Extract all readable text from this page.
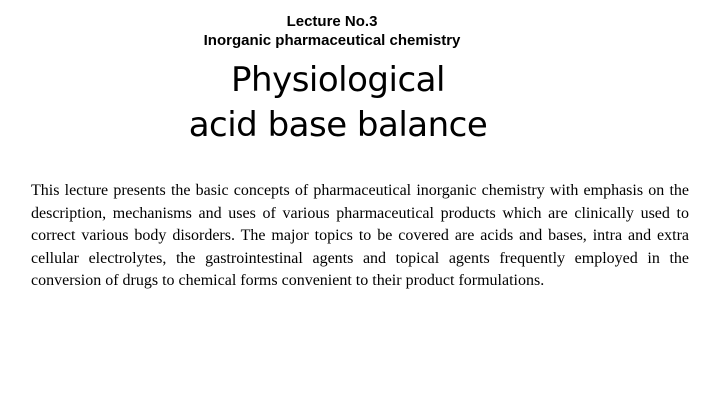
Lecture No.3
Inorganic pharmaceutical chemistry
Physiological
acid base balance

This lecture presents the basic concepts of pharmaceutical inorganic chemistry with emphasis on the description, mechanisms and uses of various pharmaceutical products which are clinically used to correct various body disorders. The major topics to be covered are acids and bases, intra and extra cellular electrolytes, the gastrointestinal agents and topical agents frequently employed in the conversion of drugs to chemical forms convenient to their product formulations.
